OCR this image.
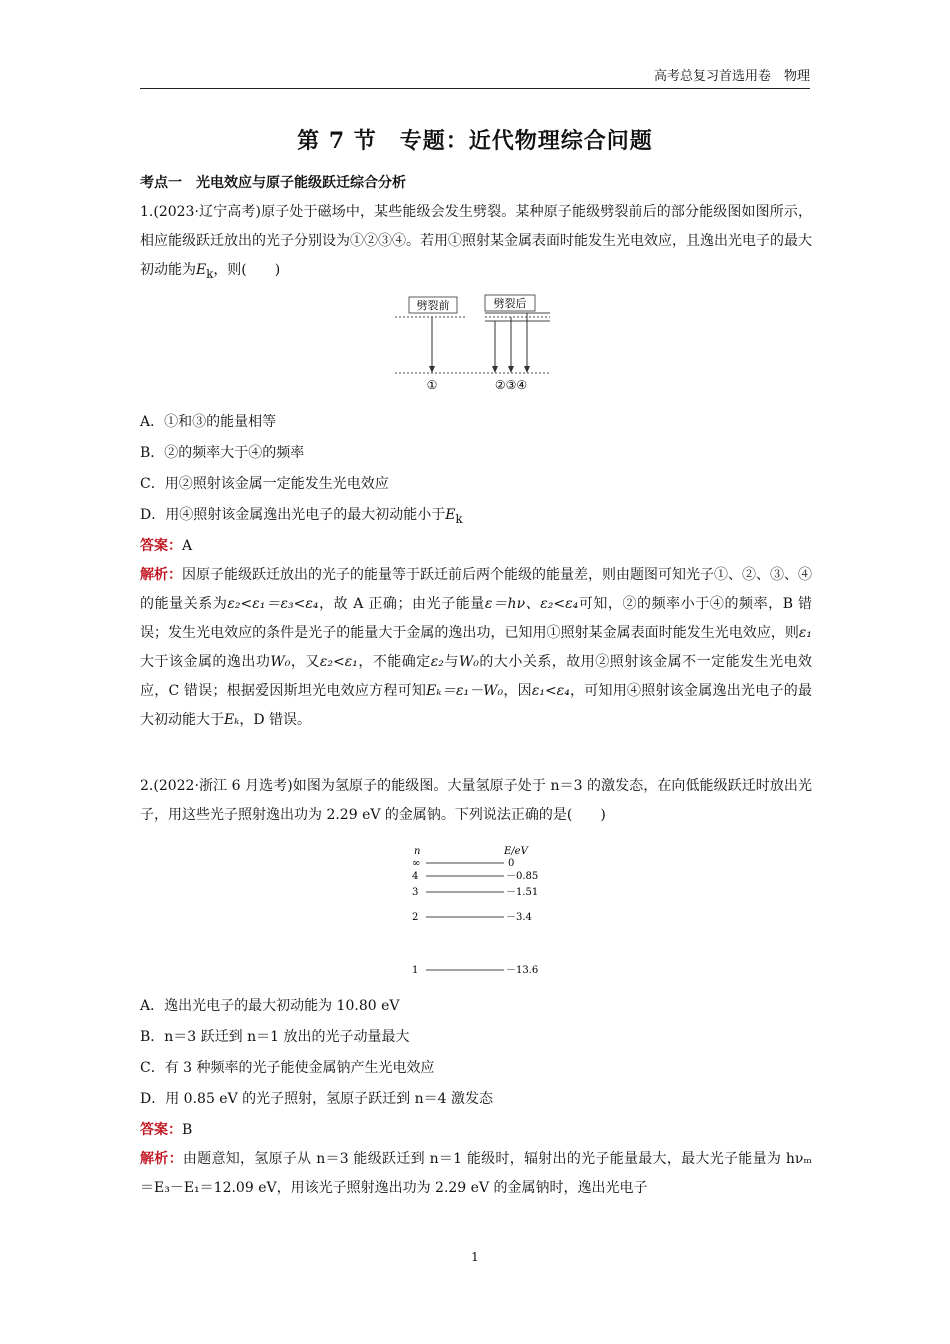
高考总复习首选用卷　物理
第 7 节　专题：近代物理综合问题
考点一　光电效应与原子能级跃迁综合分析
1.(2023·辽宁高考)原子处于磁场中，某些能级会发生劈裂。某种原子能级劈裂前后的部分能级图如图所示，相应能级跃迁放出的光子分别设为①②③④。若用①照射某金属表面时能发生光电效应，且逸出光电子的最大初动能为$E_k$，则(　　)
劈裂前	劈裂后
①	②③④
A．①和③的能量相等
B．②的频率大于④的频率
C．用②照射该金属一定能发生光电效应
D．用④照射该金属逸出光电子的最大初动能小于$E_k$
答案：A
解析：因原子能级跃迁放出的光子的能量等于跃迁前后两个能级的能量差，则由题图可知光子①、②、③、④的能量关系为ε₂<ε₁＝ε₃<ε₄，故 A 正确；由光子能量ε＝hν、ε₂<ε₄可知，②的频率小于④的频率，B 错误；发生光电效应的条件是光子的能量大于金属的逸出功，已知用①照射某金属表面时能发生光电效应，则ε₁大于该金属的逸出功W₀，又ε₂<ε₁，不能确定ε₂与W₀的大小关系，故用②照射该金属不一定能发生光电效应，C 错误；根据爱因斯坦光电效应方程可知Eₖ＝ε₁－W₀，因ε₁<ε₄，可知用④照射该金属逸出光电子的最大初动能大于Eₖ，D 错误。
2.(2022·浙江 6 月选考)如图为氢原子的能级图。大量氢原子处于 n＝3 的激发态，在向低能级跃迁时放出光子，用这些光子照射逸出功为 2.29 eV 的金属钠。下列说法正确的是(　　)
n	E/eV
∞	0
4	－0.85
3	－1.51
2	－3.4
1	－13.6
A．逸出光电子的最大初动能为 10.80 eV
B．n＝3 跃迁到 n＝1 放出的光子动量最大
C．有 3 种频率的光子能使金属钠产生光电效应
D．用 0.85 eV 的光子照射，氢原子跃迁到 n＝4 激发态
答案：B
解析：由题意知，氢原子从 n＝3 能级跃迁到 n＝1 能级时，辐射出的光子能量最大，最大光子能量为 hνₘ＝E₃－E₁＝12.09 eV，用该光子照射逸出功为 2.29 eV 的金属钠时，逸出光电子
1
